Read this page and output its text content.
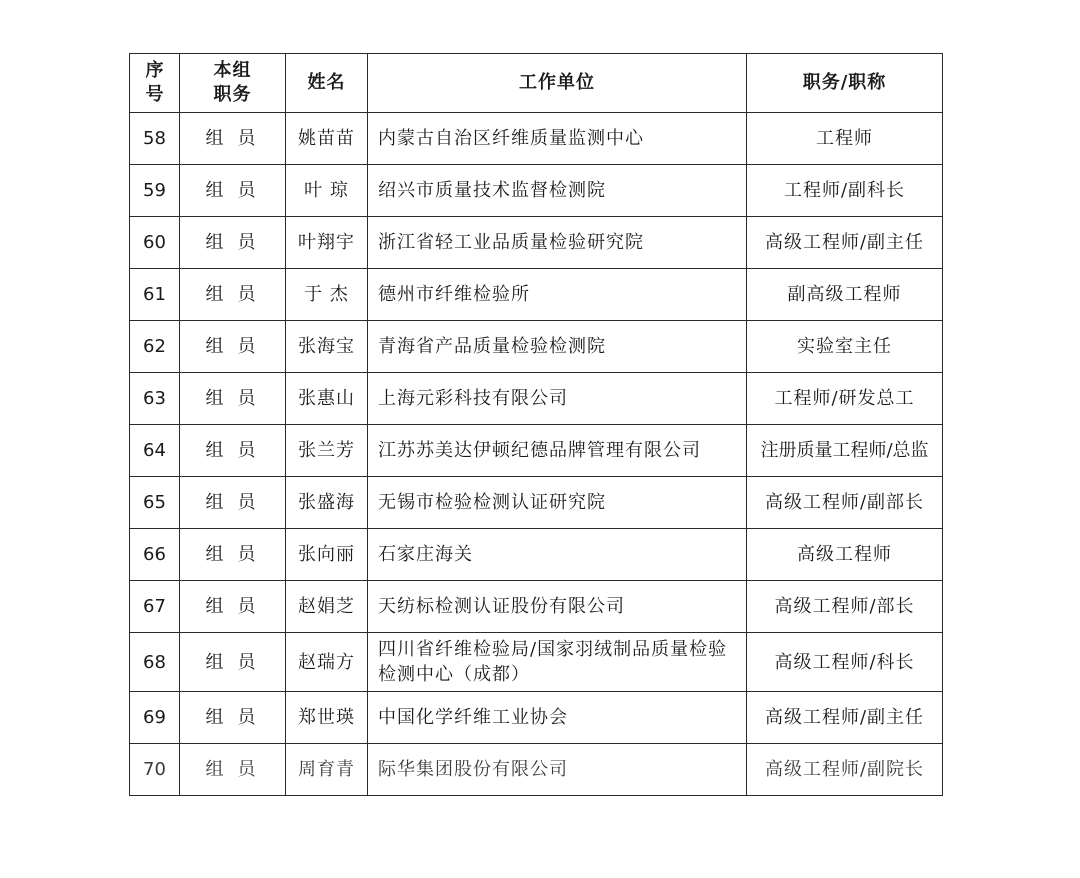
序号	本组职务	姓名	工作单位	职务/职称
58	组员	姚苗苗	内蒙古自治区纤维质量监测中心	工程师
59	组员	叶 琼	绍兴市质量技术监督检测院	工程师/副科长
60	组员	叶翔宇	浙江省轻工业品质量检验研究院	高级工程师/副主任
61	组员	于 杰	德州市纤维检验所	副高级工程师
62	组员	张海宝	青海省产品质量检验检测院	实验室主任
63	组员	张惠山	上海元彩科技有限公司	工程师/研发总工
64	组员	张兰芳	江苏苏美达伊顿纪德品牌管理有限公司	注册质量工程师/总监
65	组员	张盛海	无锡市检验检测认证研究院	高级工程师/副部长
66	组员	张向丽	石家庄海关	高级工程师
67	组员	赵娟芝	天纺标检测认证股份有限公司	高级工程师/部长
68	组员	赵瑞方	四川省纤维检验局/国家羽绒制品质量检验检测中心（成都）	高级工程师/科长
69	组员	郑世瑛	中国化学纤维工业协会	高级工程师/副主任
70	组员	周育青	际华集团股份有限公司	高级工程师/副院长
